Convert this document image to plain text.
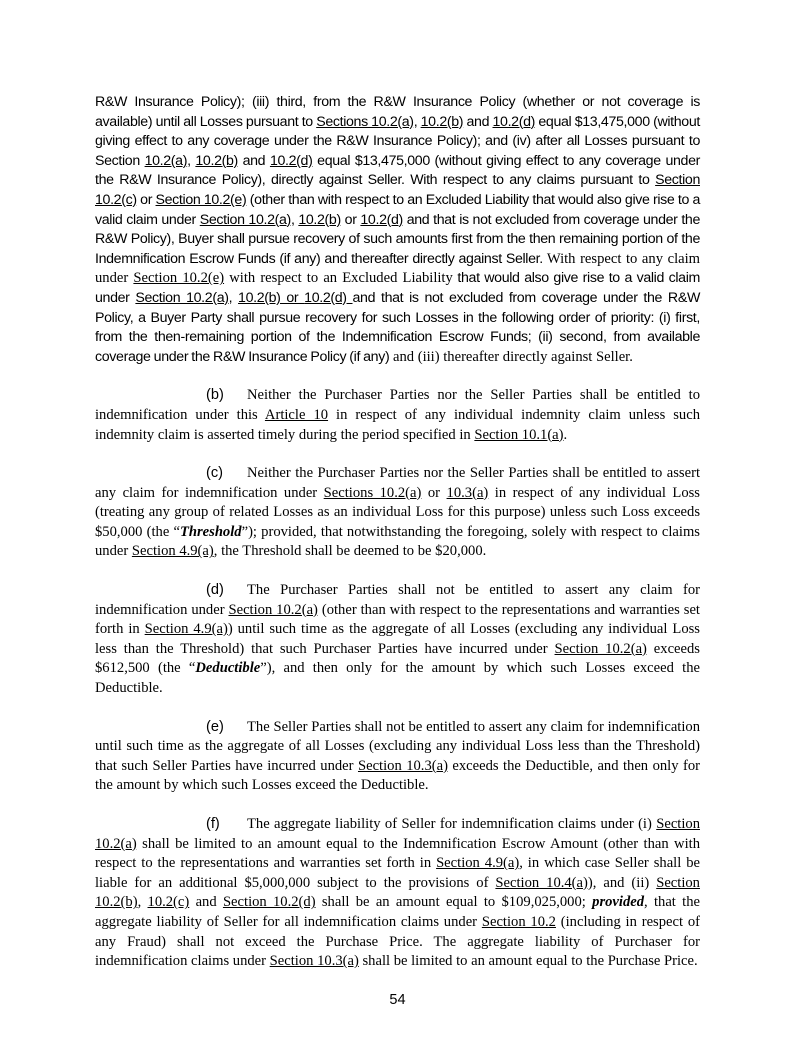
R&W Insurance Policy); (iii) third, from the R&W Insurance Policy (whether or not coverage is available) until all Losses pursuant to Sections 10.2(a), 10.2(b) and 10.2(d) equal $13,475,000 (without giving effect to any coverage under the R&W Insurance Policy); and (iv) after all Losses pursuant to Section 10.2(a), 10.2(b) and 10.2(d) equal $13,475,000 (without giving effect to any coverage under the R&W Insurance Policy), directly against Seller. With respect to any claims pursuant to Section 10.2(c) or Section 10.2(e) (other than with respect to an Excluded Liability that would also give rise to a valid claim under Section 10.2(a), 10.2(b) or 10.2(d) and that is not excluded from coverage under the R&W Policy), Buyer shall pursue recovery of such amounts first from the then remaining portion of the Indemnification Escrow Funds (if any) and thereafter directly against Seller. With respect to any claim under Section 10.2(e) with respect to an Excluded Liability that would also give rise to a valid claim under Section 10.2(a), 10.2(b) or 10.2(d) and that is not excluded from coverage under the R&W Policy, a Buyer Party shall pursue recovery for such Losses in the following order of priority: (i) first, from the then-remaining portion of the Indemnification Escrow Funds; (ii) second, from available coverage under the R&W Insurance Policy (if any) and (iii) thereafter directly against Seller.

(b) Neither the Purchaser Parties nor the Seller Parties shall be entitled to indemnification under this Article 10 in respect of any individual indemnity claim unless such indemnity claim is asserted timely during the period specified in Section 10.1(a).

(c) Neither the Purchaser Parties nor the Seller Parties shall be entitled to assert any claim for indemnification under Sections 10.2(a) or 10.3(a) in respect of any individual Loss (treating any group of related Losses as an individual Loss for this purpose) unless such Loss exceeds $50,000 (the “Threshold”); provided, that notwithstanding the foregoing, solely with respect to claims under Section 4.9(a), the Threshold shall be deemed to be $20,000.

(d) The Purchaser Parties shall not be entitled to assert any claim for indemnification under Section 10.2(a) (other than with respect to the representations and warranties set forth in Section 4.9(a)) until such time as the aggregate of all Losses (excluding any individual Loss less than the Threshold) that such Purchaser Parties have incurred under Section 10.2(a) exceeds $612,500 (the “Deductible”), and then only for the amount by which such Losses exceed the Deductible.

(e) The Seller Parties shall not be entitled to assert any claim for indemnification until such time as the aggregate of all Losses (excluding any individual Loss less than the Threshold) that such Seller Parties have incurred under Section 10.3(a) exceeds the Deductible, and then only for the amount by which such Losses exceed the Deductible.

(f) The aggregate liability of Seller for indemnification claims under (i) Section 10.2(a) shall be limited to an amount equal to the Indemnification Escrow Amount (other than with respect to the representations and warranties set forth in Section 4.9(a), in which case Seller shall be liable for an additional $5,000,000 subject to the provisions of Section 10.4(a)), and (ii) Section 10.2(b), 10.2(c) and Section 10.2(d) shall be an amount equal to $109,025,000; provided, that the aggregate liability of Seller for all indemnification claims under Section 10.2 (including in respect of any Fraud) shall not exceed the Purchase Price. The aggregate liability of Purchaser for indemnification claims under Section 10.3(a) shall be limited to an amount equal to the Purchase Price.

54
